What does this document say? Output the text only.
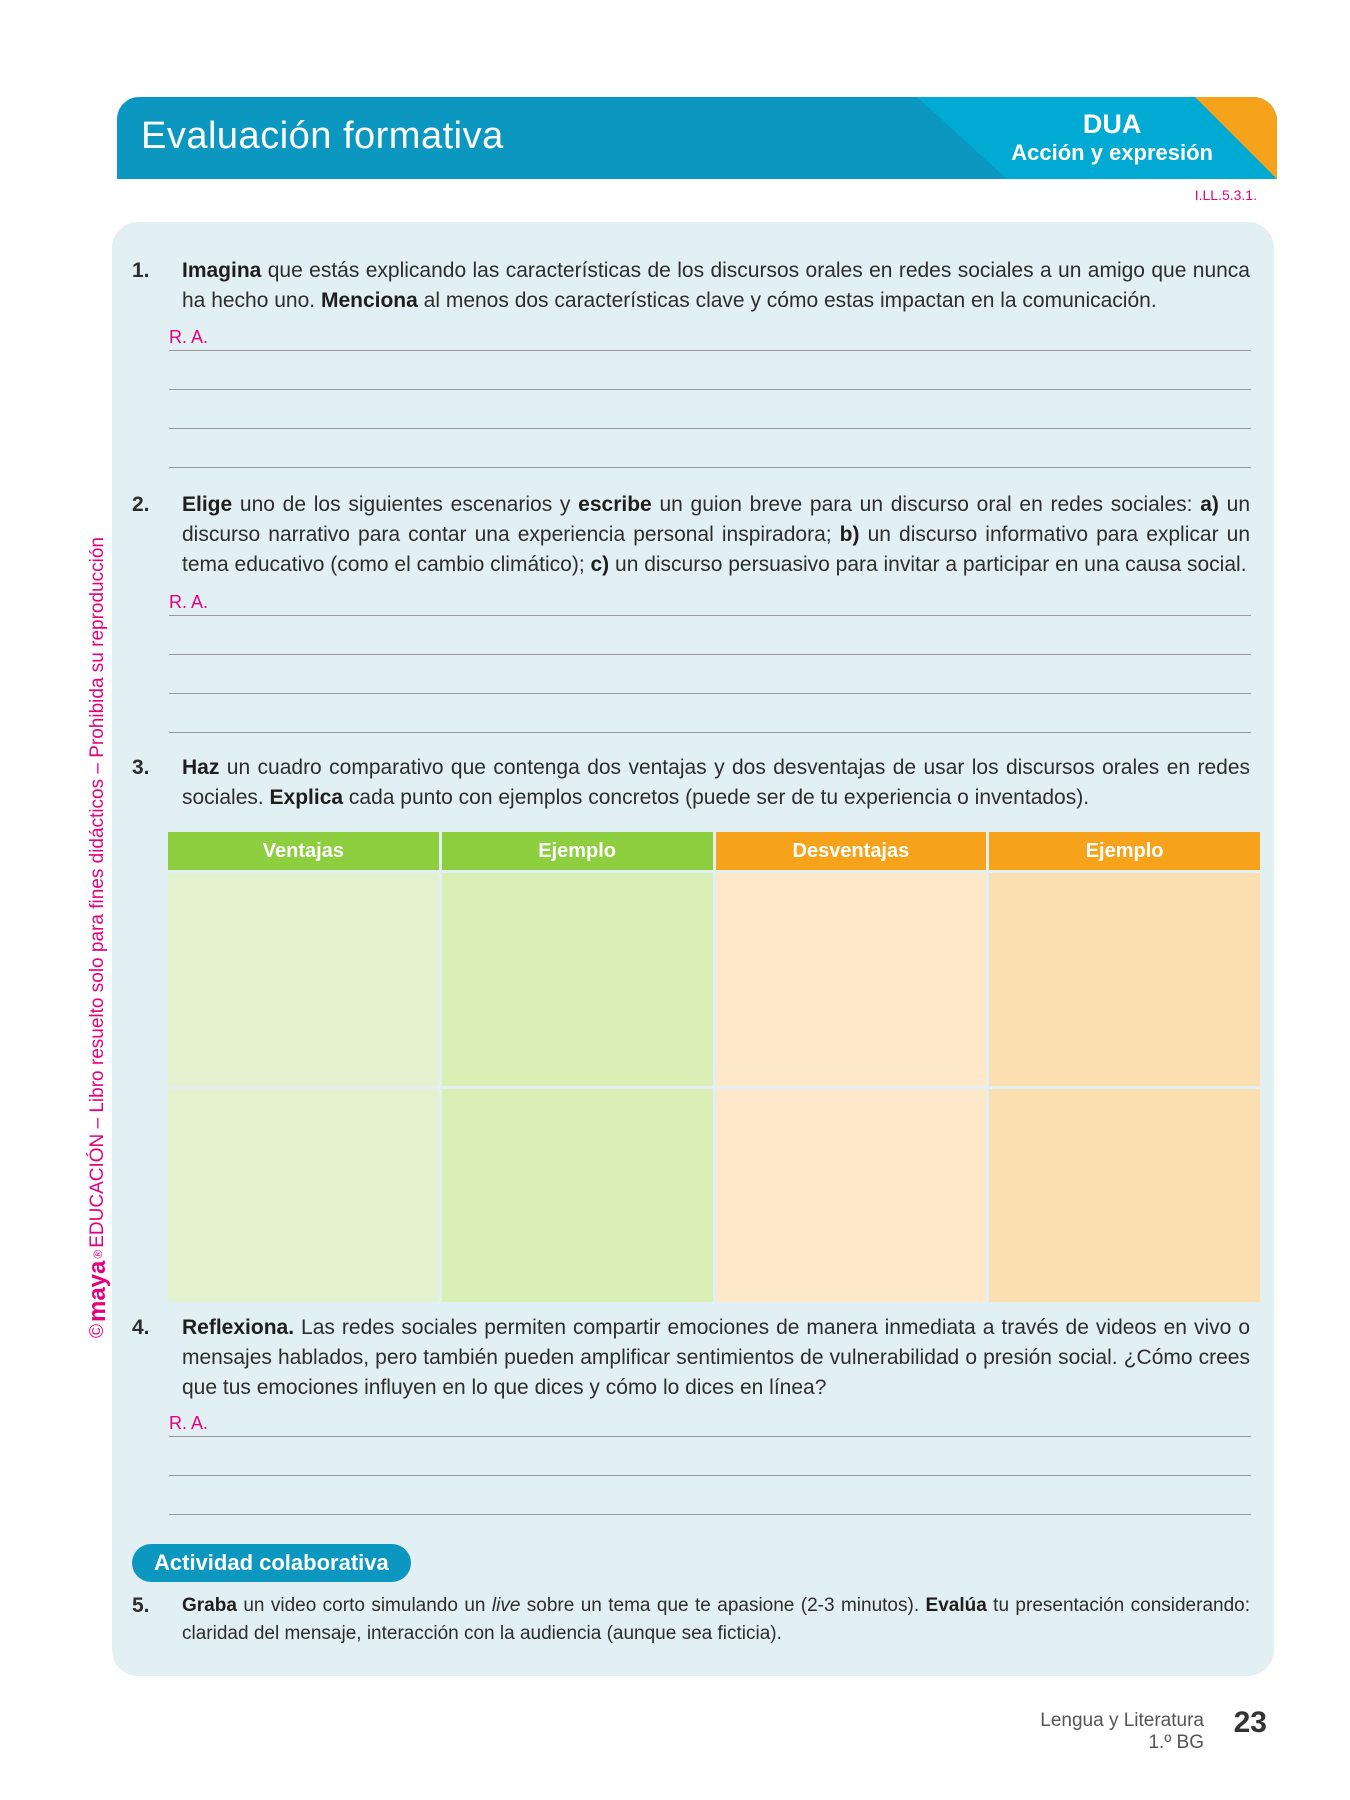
Evaluación formativa	DUA
Acción y expresión
I.LL.5.3.1.
©
maya
®
EDUCACIÓN – Libro resuelto solo para fines didácticos – Prohibida su reproducción
1. Imagina que estás explicando las características de los discursos orales en redes sociales a un amigo que nunca ha hecho uno. Menciona al menos dos características clave y cómo estas impactan en la comunicación.
R. A.
2. Elige uno de los siguientes escenarios y escribe un guion breve para un discurso oral en redes sociales: a) un discurso narrativo para contar una experiencia personal inspiradora; b) un discurso informativo para explicar un tema educativo (como el cambio climático); c) un discurso persuasivo para invitar a participar en una causa social.
R. A.
3. Haz un cuadro comparativo que contenga dos ventajas y dos desventajas de usar los discursos orales en redes sociales. Explica cada punto con ejemplos concretos (puede ser de tu experiencia o inventados).
Ventajas	Ejemplo	Desventajas	Ejemplo
4. Reflexiona. Las redes sociales permiten compartir emociones de manera inmediata a través de videos en vivo o mensajes hablados, pero también pueden amplificar sentimientos de vulnerabilidad o presión social. ¿Cómo crees que tus emociones influyen en lo que dices y cómo lo dices en línea?
R. A.
Actividad colaborativa
5. Graba un video corto simulando un live sobre un tema que te apasione (2-3 minutos). Evalúa tu presentación considerando: claridad del mensaje, interacción con la audiencia (aunque sea ficticia).
Lengua y Literatura
1.º BG
23
